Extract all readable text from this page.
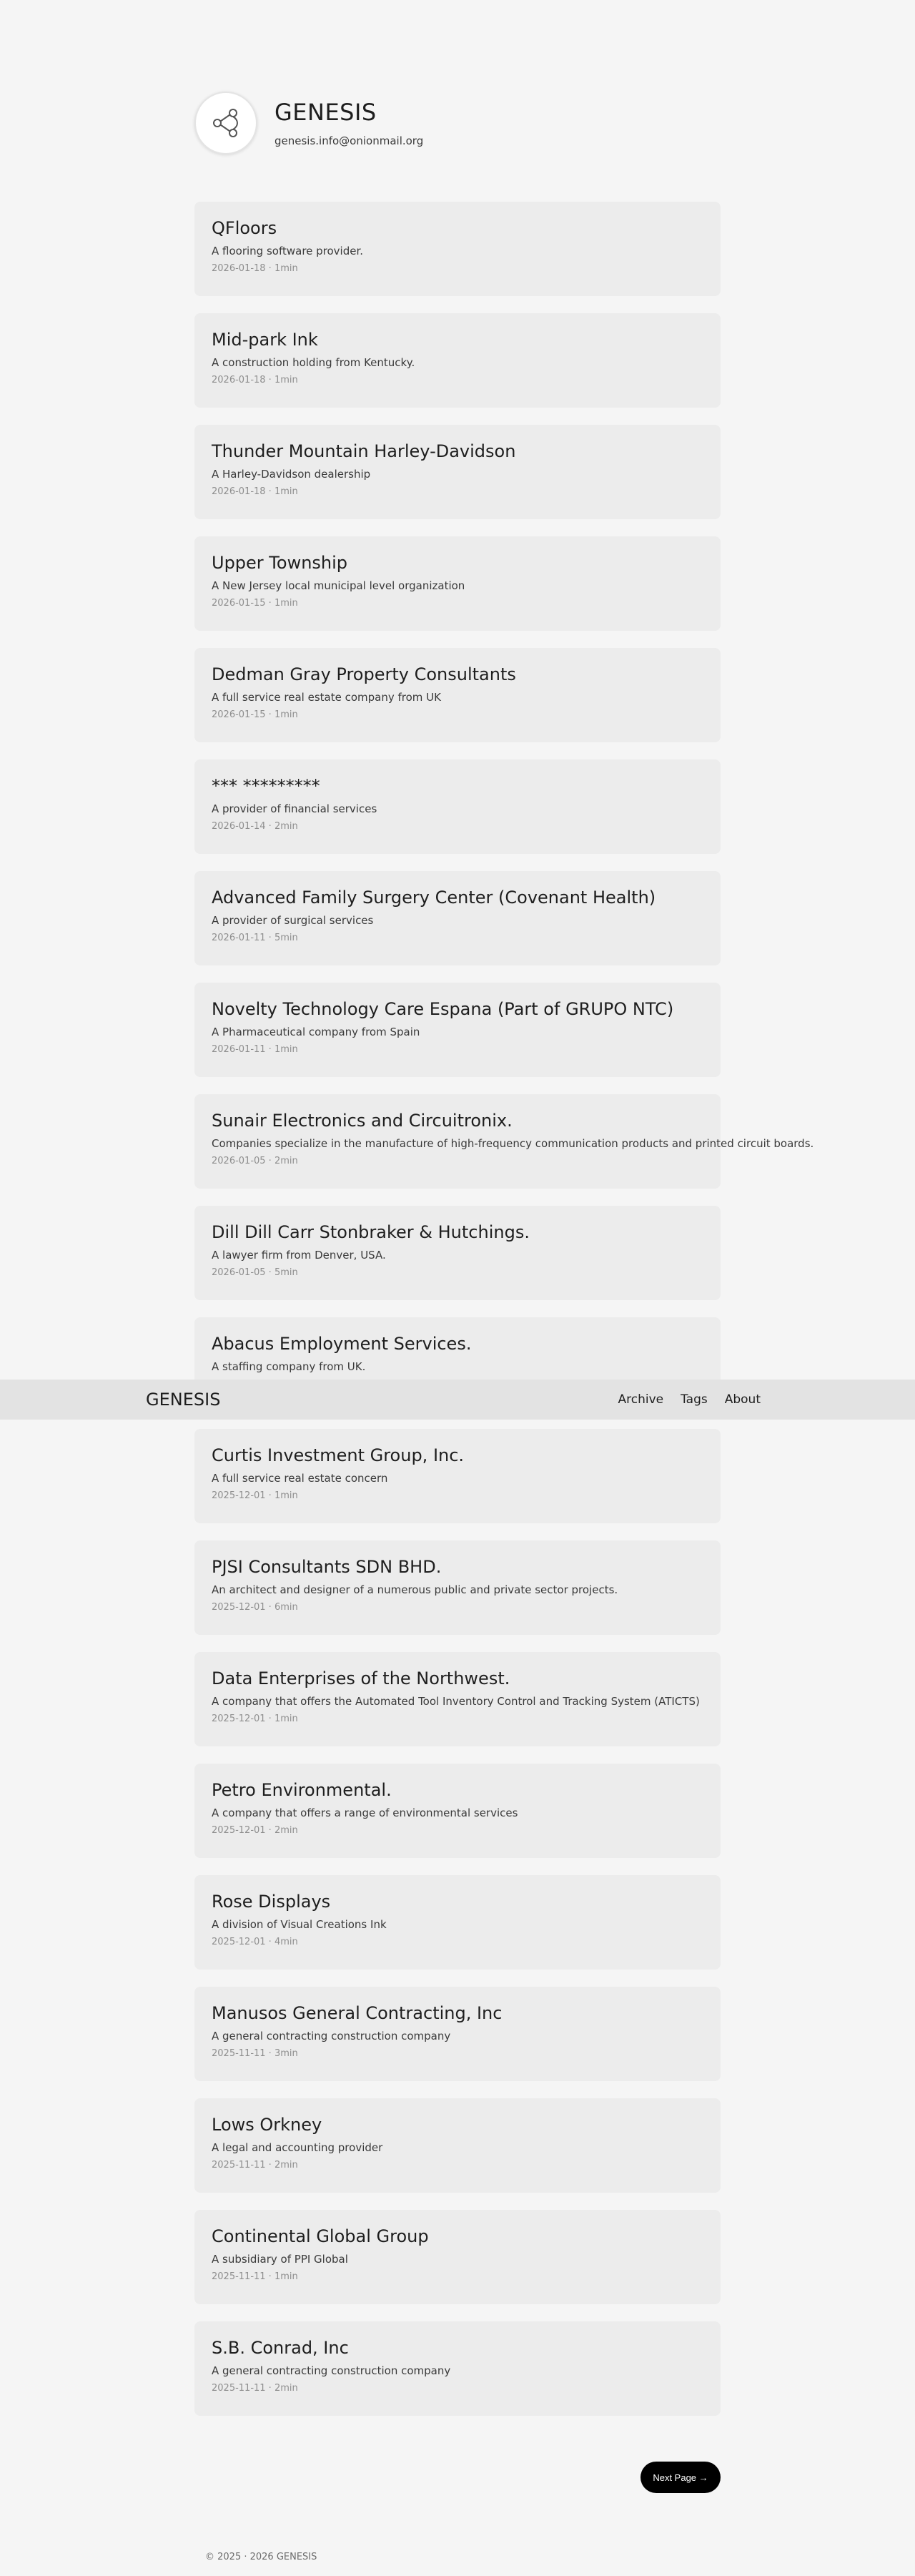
GENESIS
genesis.info@onionmail.org
QFloors
A flooring software provider.
2026-01-18 · 1min
Mid-park Ink
A construction holding from Kentucky.
2026-01-18 · 1min
Thunder Mountain Harley-Davidson
A Harley-Davidson dealership
2026-01-18 · 1min
Upper Township
A New Jersey local municipal level organization
2026-01-15 · 1min
Dedman Gray Property Consultants
A full service real estate company from UK
2026-01-15 · 1min
*** *********
A provider of financial services
2026-01-14 · 2min
Advanced Family Surgery Center (Covenant Health)
A provider of surgical services
2026-01-11 · 5min
Novelty Technology Care Espana (Part of GRUPO NTC)
A Pharmaceutical company from Spain
2026-01-11 · 1min
Sunair Electronics and Circuitronix.
Companies specialize in the manufacture of high-frequency communication products and printed circuit boards.
2026-01-05 · 2min
Dill Dill Carr Stonbraker & Hutchings.
A lawyer firm from Denver, USA.
2026-01-05 · 5min
Abacus Employment Services.
A staffing company from UK.
Curtis Investment Group, Inc.
A full service real estate concern
2025-12-01 · 1min
PJSI Consultants SDN BHD.
An architect and designer of a numerous public and private sector projects.
2025-12-01 · 6min
Data Enterprises of the Northwest.
A company that offers the Automated Tool Inventory Control and Tracking System (ATICTS)
2025-12-01 · 1min
Petro Environmental.
A company that offers a range of environmental services
2025-12-01 · 2min
Rose Displays
A division of Visual Creations Ink
2025-12-01 · 4min
Manusos General Contracting, Inc
A general contracting construction company
2025-11-11 · 3min
Lows Orkney
A legal and accounting provider
2025-11-11 · 2min
Continental Global Group
A subsidiary of PPI Global
2025-11-11 · 1min
S.B. Conrad, Inc
A general contracting construction company
2025-11-11 · 2min
GENESIS	Archive Tags About
Next Page →
© 2025 · 2026 GENESIS
